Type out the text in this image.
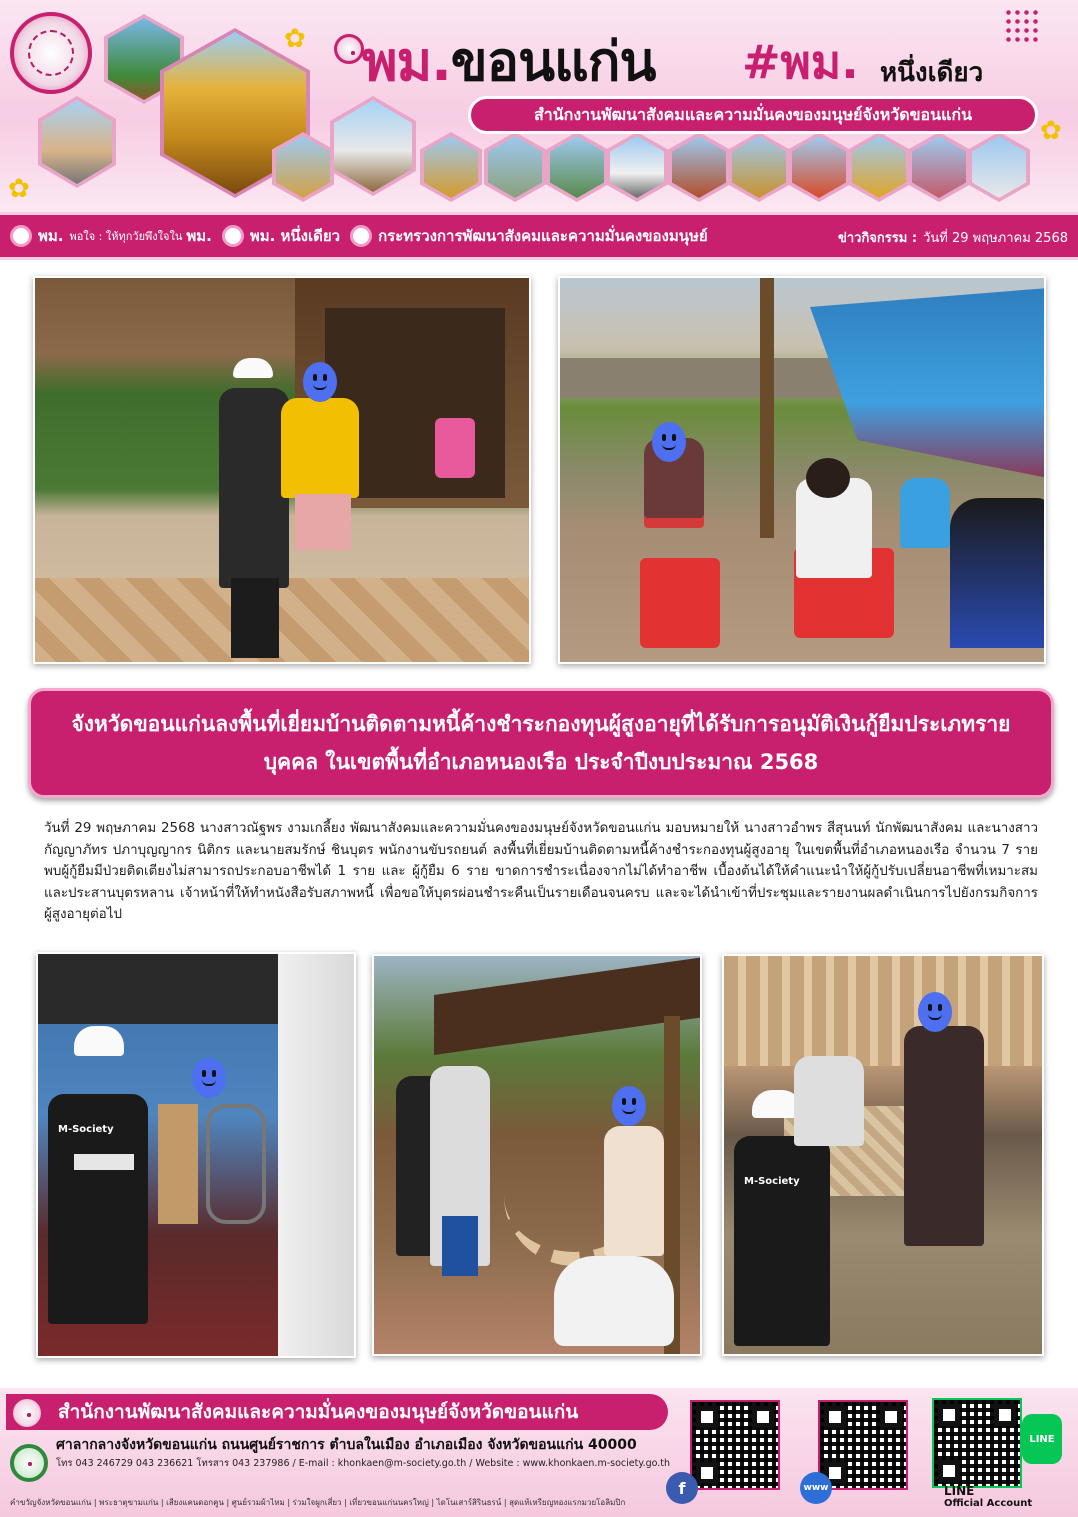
✿
✿
✿
พม.ขอนแก่น #พม. หนึ่งเดียว
สำนักงานพัฒนาสังคมและความมั่นคงของมนุษย์จังหวัดขอนแก่น
พม. พอใจ : ให้ทุกวัยพึงใจใน พม.	พม. หนึ่งเดียว	กระทรวงการพัฒนาสังคมและความมั่นคงของมนุษย์	ข่าวกิจกรรม : วันที่ 29 พฤษภาคม 2568
จังหวัดขอนแก่นลงพื้นที่เยี่ยมบ้านติดตามหนี้ค้างชำระกองทุนผู้สูงอายุที่ได้รับการอนุมัติเงินกู้ยืมประเภทรายบุคคล ในเขตพื้นที่อำเภอหนองเรือ ประจำปีงบประมาณ 2568

วันที่ 29 พฤษภาคม 2568 นางสาวณัฐพร งามเกลี้ยง พัฒนาสังคมและความมั่นคงของมนุษย์จังหวัดขอนแก่น มอบหมายให้ นางสาวอำพร สีสุนนท์ นักพัฒนาสังคม และนางสาวกัญญาภัทร ปภาบุญญากร นิติกร และนายสมรักษ์ ชินบุตร พนักงานขับรถยนต์ ลงพื้นที่เยี่ยมบ้านติดตามหนี้ค้างชำระกองทุนผู้สูงอายุ ในเขตพื้นที่อำเภอหนองเรือ จำนวน 7 ราย พบผู้กู้ยืมมีป่วยติดเตียงไม่สามารถประกอบอาชีพได้ 1 ราย และ ผู้กู้ยืม 6 ราย ขาดการชำระเนื่องจากไม่ได้ทำอาชีพ เบื้องต้นได้ให้คำแนะนำให้ผู้กู้ปรับเปลี่ยนอาชีพที่เหมาะสมและประสานบุตรหลาน เจ้าหน้าที่ให้ทำหนังสือรับสภาพหนี้ เพื่อขอให้บุตรผ่อนชำระคืนเป็นรายเดือนจนครบ และจะได้นำเข้าที่ประชุมและรายงานผลดำเนินการไปยังกรมกิจการผู้สูงอายุต่อไป

M-Society
M-Society
สำนักงานพัฒนาสังคมและความมั่นคงของมนุษย์จังหวัดขอนแก่น
ศาลากลางจังหวัดขอนแก่น ถนนศูนย์ราชการ ตำบลในเมือง อำเภอเมือง จังหวัดขอนแก่น 40000
โทร 043 246729 043 236621 โทรสาร 043 237986 / E-mail : khonkaen@m-society.go.th / Website : www.khonkaen.m-society.go.th
คำขวัญจังหวัดขอนแก่น | พระธาตุขามแก่น | เสียงแคนดอกคูน | ศูนย์รวมผ้าไหม | ร่วมใจผูกเสี่ยว | เที่ยวขอนแก่นนครใหญ่ | ไดโนเสาร์สิรินธรน์ | สุดแท้เหรียญทองแรกมวยโอลิมปิก
f	www
LINE
LINE
Official Account
